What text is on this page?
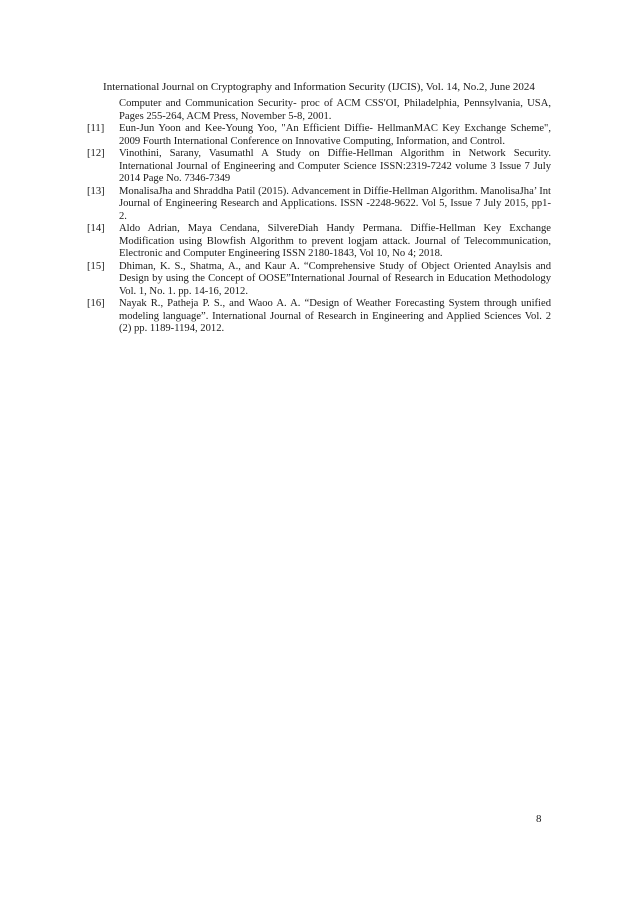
International Journal on Cryptography and Information Security (IJCIS), Vol. 14, No.2, June 2024
Computer and Communication Security- proc of ACM CSS'OI, Philadelphia, Pennsylvania, USA, Pages 255-264, ACM Press, November 5-8, 2001.
[11] Eun-Jun Yoon and Kee-Young Yoo, "An Efficient Diffie- HellmanMAC Key Exchange Scheme", 2009 Fourth International Conference on Innovative Computing, Information, and Control.
[12] Vinothini, Sarany, Vasumathl A Study on Diffie-Hellman Algorithm in Network Security. International Journal of Engineering and Computer Science ISSN:2319-7242 volume 3 Issue 7 July 2014 Page No. 7346-7349
[13] MonalisaJha and Shraddha Patil (2015). Advancement in Diffie-Hellman Algorithm. ManolisaJha’ Int Journal of Engineering Research and Applications. ISSN -2248-9622. Vol 5, Issue 7 July 2015, pp1-2.
[14] Aldo Adrian, Maya Cendana, SilvereDiah Handy Permana. Diffie-Hellman Key Exchange Modification using Blowfish Algorithm to prevent logjam attack. Journal of Telecommunication, Electronic and Computer Engineering ISSN 2180-1843, Vol 10, No 4; 2018.
[15] Dhiman, K. S., Shatma, A., and Kaur A. “Comprehensive Study of Object Oriented Anaylsis and Design by using the Concept of OOSE”International Journal of Research in Education Methodology Vol. 1, No. 1. pp. 14-16, 2012.
[16] Nayak R., Patheja P. S., and Waoo A. A. “Design of Weather Forecasting System through unified modeling language”. International Journal of Research in Engineering and Applied Sciences Vol. 2 (2) pp. 1189-1194, 2012.
8
